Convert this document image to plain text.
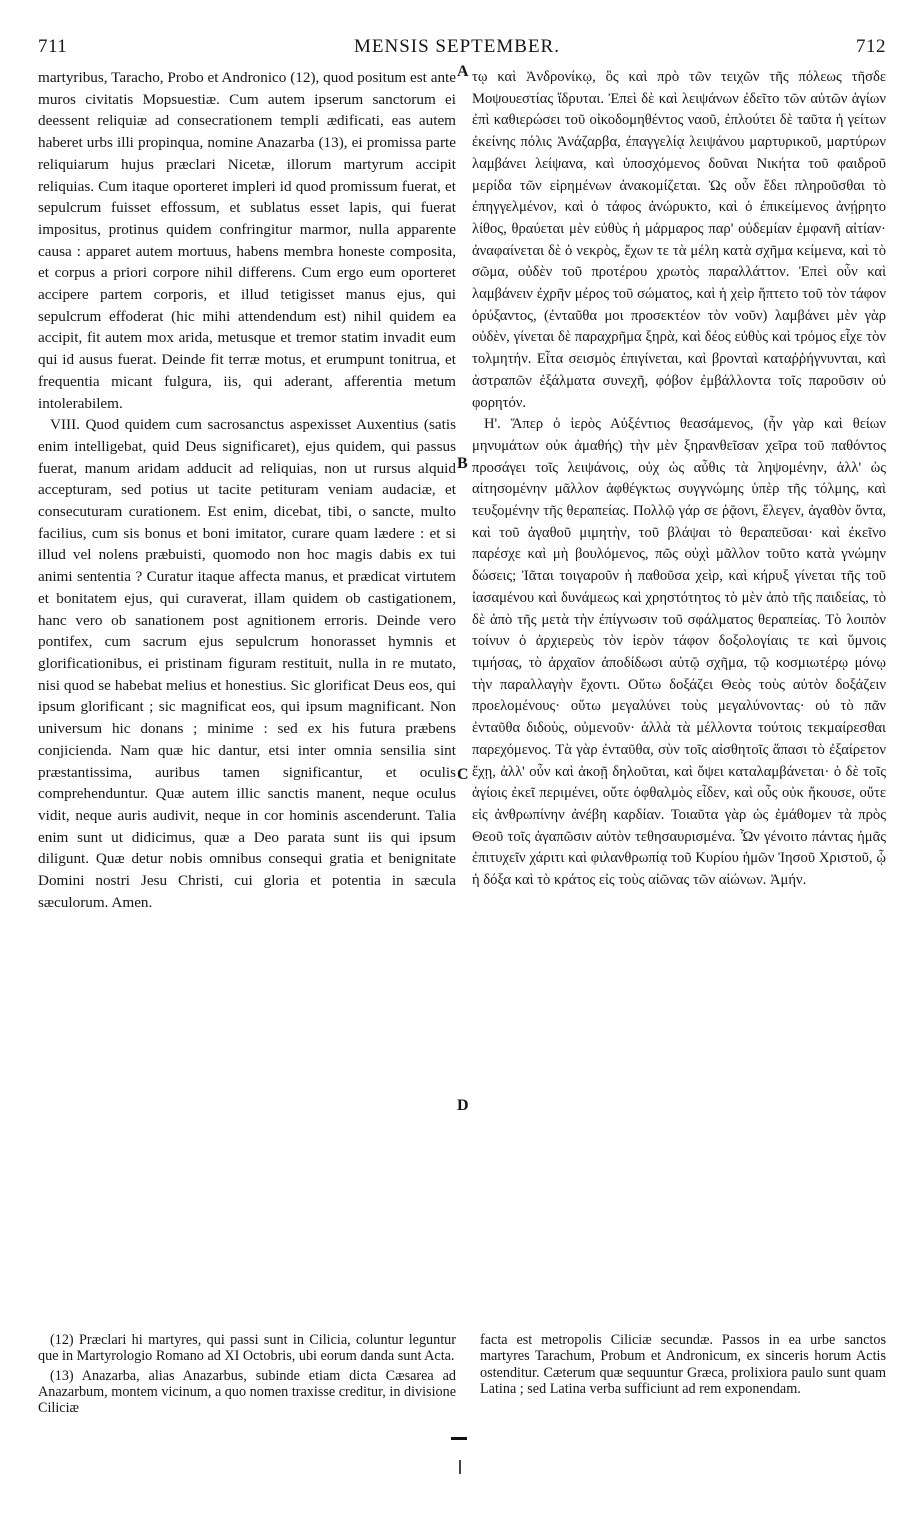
711	MENSIS SEPTEMBER.	712

martyribus, Taracho, Probo et Andronico (12), quod positum est ante muros civitatis Mopsuestiæ. Cum autem ipserum sanctorum ei deessent reliquiæ ad consecrationem templi ædificati, eas autem haberet urbs illi propinqua, nomine Anazarba (13), ei promissa parte reliquiarum hujus præclari Nicetæ, illorum martyrum accipit reliquias. Cum itaque oporteret impleri id quod promissum fuerat, et sepulcrum fuisset effossum, et sublatus esset lapis, qui fuerat impositus, protinus quidem confringitur marmor, nulla apparente causa : apparet autem mortuus, habens membra honeste composita, et corpus a priori corpore nihil differens. Cum ergo eum oporteret accipere partem corporis, et illud tetigisset manus ejus, qui sepulcrum effoderat (hic mihi attendendum est) nihil quidem ea accipit, fit autem mox arida, metusque et tremor statim invadit eum qui id ausus fuerat. Deinde fit terræ motus, et erumpunt tonitrua, et frequentia micant fulgura, iis, qui aderant, afferentia metum intolerabilem.

VIII. Quod quidem cum sacrosanctus aspexisset Auxentius (satis enim intelligebat, quid Deus significaret), ejus quidem, qui passus fuerat, manum aridam adducit ad reliquias, non ut rursus alquid accepturam, sed potius ut tacite petituram veniam audaciæ, et consecuturam curationem. Est enim, dicebat, tibi, o sancte, multo facilius, cum sis bonus et boni imitator, curare quam lædere : et si illud vel nolens præbuisti, quomodo non hoc magis dabis ex tui animi sententia ? Curatur itaque affecta manus, et prædicat virtutem et bonitatem ejus, qui curaverat, illam quidem ob castigationem, hanc vero ob sanationem post agnitionem erroris. Deinde vero pontifex, cum sacrum ejus sepulcrum honorasset hymnis et glorificationibus, ei pristinam figuram restituit, nulla in re mutato, nisi quod se habebat melius et honestius. Sic glorificat Deus eos, qui ipsum glorificant ; sic magnificat eos, qui ipsum magnificant. Non universum hic donans ; minime : sed ex his futura præbens conjiciendа. Nam quæ hic dantur, etsi inter omnia sensilia sint præstantissima, auribus tamen significantur, et oculis comprehenduntur. Quæ autem illic sanctis manent, neque oculus vidit, neque auris audivit, neque in cor hominis ascenderunt. Talia enim sunt ut didicimus, quæ a Deo parata sunt iis qui ipsum diligunt. Quæ detur nobis omnibus consequi gratia et benignitate Domini nostri Jesu Christi, cui gloria et potentia in sæcula sæculorum. Amen.

A
B
C
D

τῳ καὶ Ἀνδρονίκῳ, ὃς καὶ πρὸ τῶν τειχῶν τῆς πόλεως τῆσδε Μοψουεστίας ἵδρυται. Ἐπεὶ δὲ καὶ λειψάνων ἐδεῖτο τῶν αὐτῶν ἁγίων ἐπὶ καθιερώσει τοῦ οἰκοδομηθέντος ναοῦ, ἐπλούτει δὲ ταῦτα ἡ γείτων ἐκείνης πόλις Ἀνάζαρβα, ἐπαγγελίᾳ λειψάνου μαρτυρικοῦ, μαρτύρων λαμβάνει λείψανα, καὶ ὑποσχόμενος δοῦναι Νικήτα τοῦ φαιδροῦ μερίδα τῶν εἰρημένων ἀνακομίζεται. Ὡς οὖν ἔδει πληροῦσθαι τὸ ἐπηγγελμένον, καὶ ὁ τάφος ἀνώρυκτο, καὶ ὁ ἐπικείμενος ἀνῄρητο λίθος, θραύεται μὲν εὐθὺς ἡ μάρμαρος παρ' οὐδεμίαν ἐμφανῆ αἰτίαν· ἀναφαίνεται δὲ ὁ νεκρὸς, ἔχων τε τὰ μέλη κατὰ σχῆμα κείμενα, καὶ τὸ σῶμα, οὐδὲν τοῦ προτέρου χρωτὸς παραλλάττον. Ἐπεὶ οὖν καὶ λαμβάνειν ἐχρῆν μέρος τοῦ σώματος, καὶ ἡ χεὶρ ἥπτετο τοῦ τὸν τάφον ὀρύξαντος, (ἐνταῦθα μοι προσεκτέον τὸν νοῦν) λαμβάνει μὲν γὰρ οὐδὲν, γίνεται δὲ παραχρῆμα ξηρὰ, καὶ δέος εὐθὺς καὶ τρόμος εἶχε τὸν τολμητήν. Εἶτα σεισμὸς ἐπιγίνεται, καὶ βρονταὶ καταῤῥήγνυνται, καὶ ἀστραπῶν ἐξάλματα συνεχῆ, φόβον ἐμβάλλοντα τοῖς παροῦσιν οὐ φορητόν.

Η'. Ἅπερ ὁ ἱερὸς Αὐξέντιος θεασάμενος, (ἦν γὰρ καὶ θείων μηνυμάτων οὐκ ἀμαθής) τὴν μὲν ξηρανθεῖσαν χεῖρα τοῦ παθόντος προσάγει τοῖς λειψάνοις, οὐχ ὡς αὖθις τὰ ληψομένην, ἀλλ' ὡς αἰτησομένην μᾶλλον ἀφθέγκτως συγγνώμης ὑπὲρ τῆς τόλμης, καὶ τευξομένην τῆς θεραπείας. Πολλῷ γάρ σε ῥᾷονι, ἔλεγεν, ἀγαθὸν ὄντα, καὶ τοῦ ἀγαθοῦ μιμητὴν, τοῦ βλάψαι τὸ θεραπεῦσαι· καὶ ἐκεῖνο παρέσχε καὶ μὴ βουλόμενος, πῶς οὐχὶ μᾶλλον τοῦτο κατὰ γνώμην δώσεις; Ἰᾶται τοιγαροῦν ἡ παθοῦσα χεὶρ, καὶ κήρυξ γίνεται τῆς τοῦ ἰασαμένου καὶ δυνάμεως καὶ χρηστότητος τὸ μὲν ἀπὸ τῆς παιδείας, τὸ δὲ ἀπὸ τῆς μετὰ τὴν ἐπίγνωσιν τοῦ σφάλματος θεραπείας. Τὸ λοιπὸν τοίνυν ὁ ἀρχιερεὺς τὸν ἱερὸν τάφον δοξολογίαις τε καὶ ὕμνοις τιμήσας, τὸ ἀρχαῖον ἀποδίδωσι αὐτῷ σχῆμα, τῷ κοσμιωτέρῳ μόνῳ τὴν παραλλαγὴν ἔχοντι. Οὕτω δοξάζει Θεὸς τοὺς αὐτὸν δοξάζειν προελομένους· οὕτω μεγαλύνει τοὺς μεγαλύνοντας· οὐ τὸ πᾶν ἐνταῦθα διδοὺς, οὐμενοῦν· ἀλλὰ τὰ μέλλοντα τούτοις τεκμαίρεσθαι παρεχόμενος. Τὰ γὰρ ἐνταῦθα, σὺν τοῖς αἰσθητοῖς ἅπασι τὸ ἐξαίρετον ἔχῃ, ἀλλ' οὖν καὶ ἀκοῇ δηλοῦται, καὶ ὄψει καταλαμβάνεται· ὁ δὲ τοῖς ἁγίοις ἐκεῖ περιμένει, οὔτε ὀφθαλμὸς εἶδεν, καὶ οὖς οὐκ ἤκουσε, οὔτε εἰς ἀνθρωπίνην ἀνέβη καρδίαν. Τοιαῦτα γὰρ ὡς ἐμάθομεν τὰ πρὸς Θεοῦ τοῖς ἀγαπῶσιν αὐτὸν τεθησαυρισμένα. Ὧν γένοιτο πάντας ἡμᾶς ἐπιτυχεῖν χάριτι καὶ φιλανθρωπίᾳ τοῦ Κυρίου ἡμῶν Ἰησοῦ Χριστοῦ, ᾧ ἡ δόξα καὶ τὸ κράτος εἰς τοὺς αἰῶνας τῶν αἰώνων. Ἀμήν.

(12) Præclari hi martyres, qui passi sunt in Cilicia, coluntur leguntur que in Martyrologio Romano ad XI Octobris, ubi eorum danda sunt Acta.

(13) Anazarba, alias Anazarbus, subinde etiam dicta Cæsarea ad Anazarbum, montem vicinum, a quo nomen traxisse creditur, in divisione Ciliciæ

facta est metropolis Ciliciæ secundæ. Passos in ea urbe sanctos martyres Tarachum, Probum et Andronicum, ex sinceris horum Actis ostenditur. Cæterum quæ sequuntur Græca, prolixiora paulo sunt quam Latina ; sed Latina verba sufficiunt ad rem exponendam.
